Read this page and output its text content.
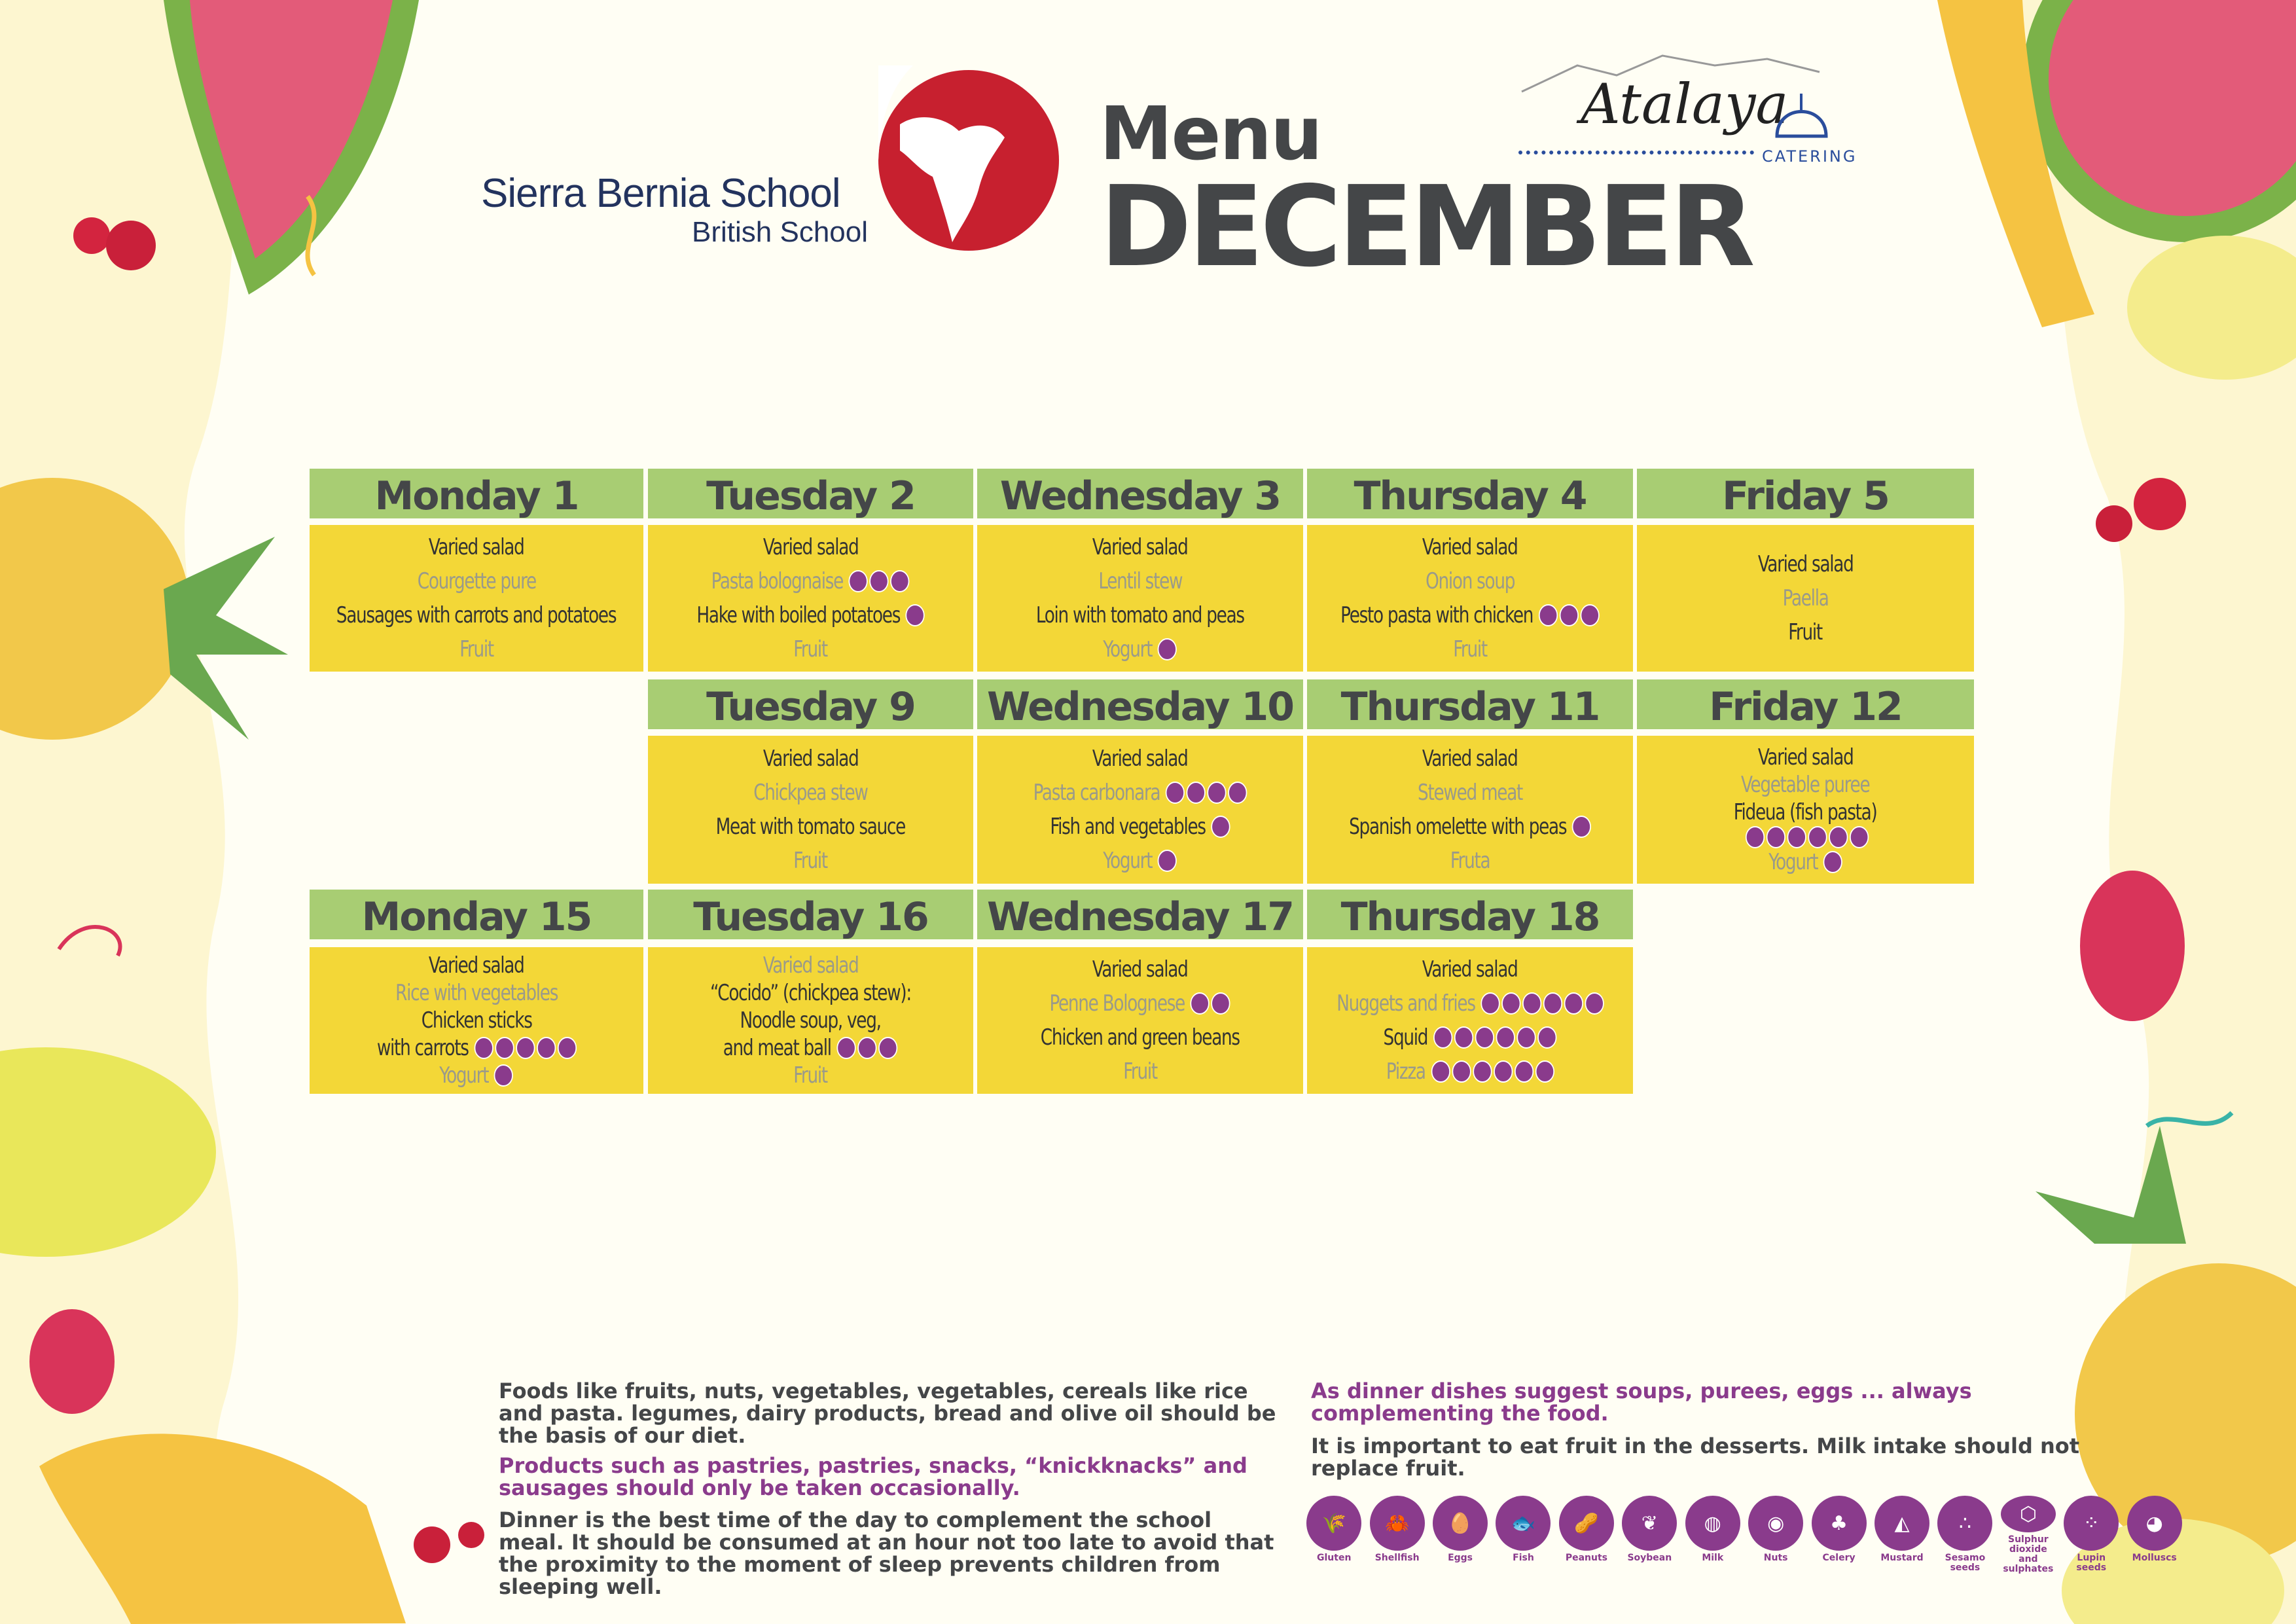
Sierra Bernia School
British School
Menu
DECEMBER
Atalaya
CATERING
Monday 1
Varied salad
Courgette pure
Sausages with carrots and potatoes
Fruit
Tuesday 2
Varied salad
Pasta bolognaise
Hake with boiled potatoes
Fruit
Wednesday 3
Varied salad
Lentil stew
Loin with tomato and peas
Yogurt
Thursday 4
Varied salad
Onion soup
Pesto pasta with chicken
Fruit
Friday 5
Varied salad
Paella
Fruit
Tuesday 9
Varied salad
Chickpea stew
Meat with tomato sauce
Fruit
Wednesday 10
Varied salad
Pasta carbonara
Fish and vegetables
Yogurt
Thursday 11
Varied salad
Stewed meat
Spanish omelette with peas
Fruta
Friday 12
Varied salad
Vegetable puree
Fideua (fish pasta)
Yogurt
Monday 15
Varied salad
Rice with vegetables
Chicken sticks
with carrots
Yogurt
Tuesday 16
Varied salad
“Cocido” (chickpea stew):
Noodle soup, veg,
and meat ball
Fruit
Wednesday 17
Varied salad
Penne Bolognese
Chicken and green beans
Fruit
Thursday 18
Varied salad
Nuggets and fries
Squid
Pizza
Foods like fruits, nuts, vegetables, vegetables, cereals like rice and pasta. legumes, dairy products, bread and olive oil should be the basis of our diet.
Products such as pastries, pastries, snacks, “knickknacks” and sausages should only be taken occasionally.
Dinner is the best time of the day to complement the school meal. It should be consumed at an hour not too late to avoid that the proximity to the moment of sleep prevents children from sleeping well.
As dinner dishes suggest soups, purees, eggs ... always complementing the food.
It is important to eat fruit in the desserts. Milk intake should not replace fruit.
🌾
Gluten
🦀
Shellfish
🥚
Eggs
🐟
Fish
🥜
Peanuts
❦
Soybean
◍
Milk
◉
Nuts
♣
Celery
◭
Mustard
∴
Sesamo seeds
⬡
Sulphur dioxide and sulphates
⁘
Lupin seeds
◕
Molluscs
